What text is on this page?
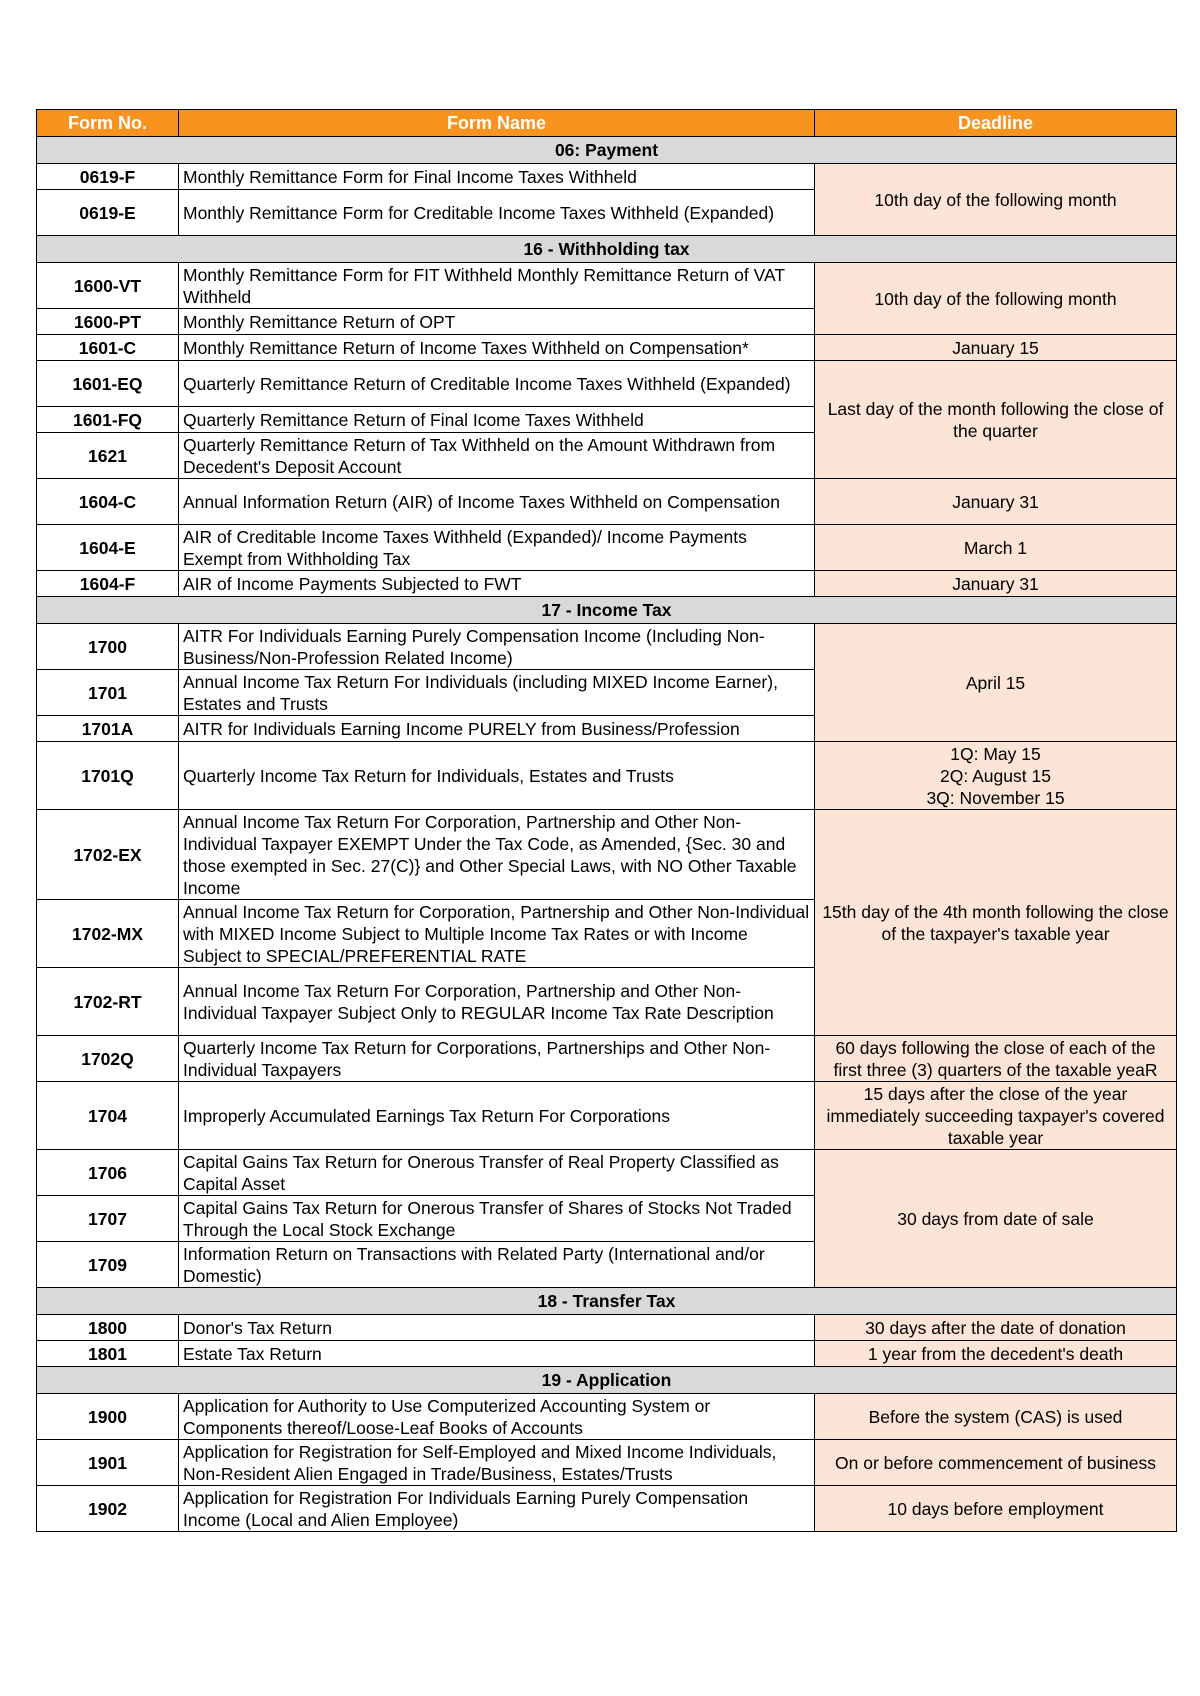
Form No.	Form Name	Deadline
06: Payment		
0619-F	Monthly Remittance Form for Final Income Taxes Withheld	10th day of the following month
0619-E	Monthly Remittance Form for Creditable Income Taxes Withheld (Expanded)	
16 - Withholding tax		
1600-VT	Monthly Remittance Form for FIT Withheld Monthly Remittance Return of VAT Withheld	10th day of the following month
1600-PT	Monthly Remittance Return of OPT	
1601-C	Monthly Remittance Return of Income Taxes Withheld on Compensation*	January 15
1601-EQ	Quarterly Remittance Return of Creditable Income Taxes Withheld (Expanded)	Last day of the month following the close of the quarter
1601-FQ	Quarterly Remittance Return of Final Icome Taxes Withheld	
1621	Quarterly Remittance Return of Tax Withheld on the Amount Withdrawn from Decedent's Deposit Account	
1604-C	Annual Information Return (AIR) of Income Taxes Withheld on Compensation	January 31
1604-E	AIR of Creditable Income Taxes Withheld (Expanded)/ Income Payments Exempt from Withholding Tax	March 1
1604-F	AIR of Income Payments Subjected to FWT	January 31
17 - Income Tax		
1700	AITR For Individuals Earning Purely Compensation Income (Including Non-Business/Non-Profession Related Income)	April 15
1701	Annual Income Tax Return For Individuals (including MIXED Income Earner), Estates and Trusts	
1701A	AITR for Individuals Earning Income PURELY from Business/Profession	
1701Q	Quarterly Income Tax Return for Individuals, Estates and Trusts	1Q: May 15
2Q: August 15
3Q: November 15

1702-EX	Annual Income Tax Return For Corporation, Partnership and Other Non-Individual Taxpayer EXEMPT Under the Tax Code, as Amended, {Sec. 30 and those exempted in Sec. 27(C)} and Other Special Laws, with NO Other Taxable Income	15th day of the 4th month following the close of the taxpayer's taxable year
1702-MX	Annual Income Tax Return for Corporation, Partnership and Other Non-Individual with MIXED Income Subject to Multiple Income Tax Rates or with Income Subject to SPECIAL/PREFERENTIAL RATE	
1702-RT	Annual Income Tax Return For Corporation, Partnership and Other Non-Individual Taxpayer Subject Only to REGULAR Income Tax Rate Description	
1702Q	Quarterly Income Tax Return for Corporations, Partnerships and Other Non-Individual Taxpayers	60 days following the close of each of the first three (3) quarters of the taxable yeaR
1704	Improperly Accumulated Earnings Tax Return For Corporations	15 days after the close of the year immediately succeeding taxpayer's covered taxable year
1706	Capital Gains Tax Return for Onerous Transfer of Real Property Classified as Capital Asset	30 days from date of sale
1707	Capital Gains Tax Return for Onerous Transfer of Shares of Stocks Not Traded Through the Local Stock Exchange	
1709	Information Return on Transactions with Related Party (International and/or Domestic)	
18 - Transfer Tax		
1800	Donor's Tax Return	30 days after the date of donation
1801	Estate Tax Return	1 year from the decedent's death
19 - Application		
1900	Application for Authority to Use Computerized Accounting System or Components thereof/Loose-Leaf Books of Accounts	Before the system (CAS) is used
1901	Application for Registration for Self-Employed and Mixed Income Individuals, Non-Resident Alien Engaged in Trade/Business, Estates/Trusts	On or before commencement of business
1902	Application for Registration For Individuals Earning Purely Compensation Income (Local and Alien Employee)	10 days before employment
